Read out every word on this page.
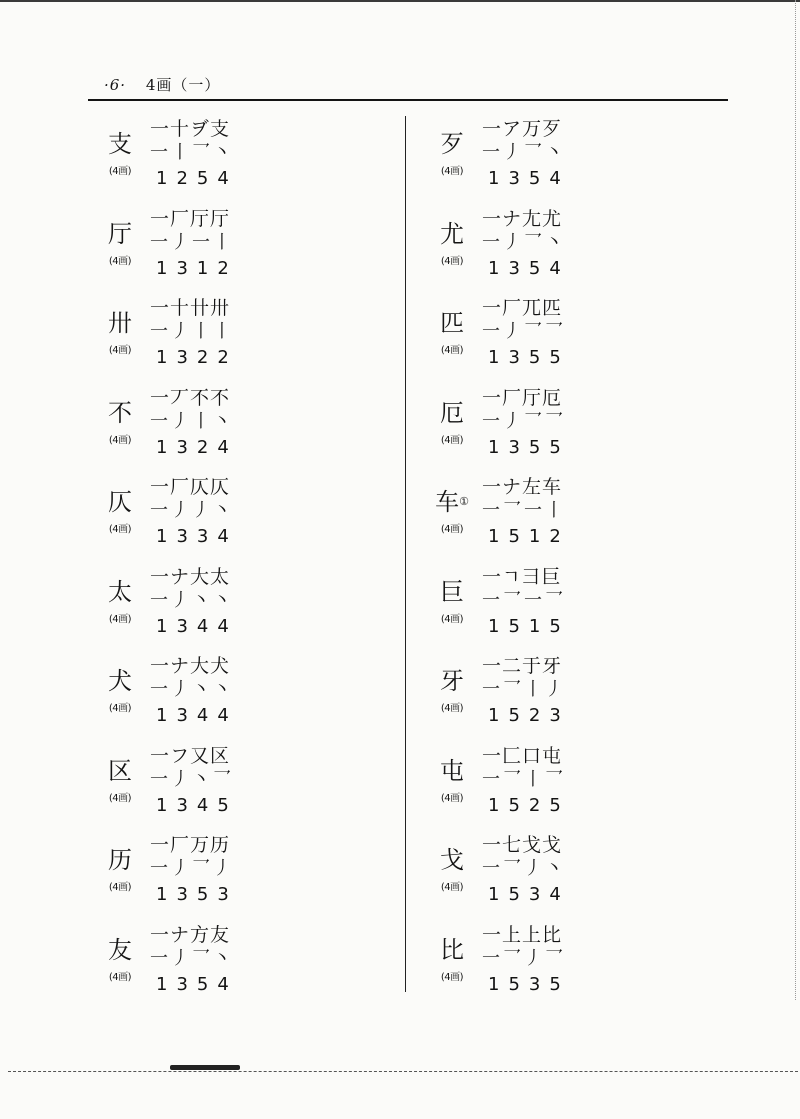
·6· 4画（一）
支
(4画)
一十ヺ支
一丨乛丶
1254
厅
(4画)
一厂厅厅
一丿一丨
1312
卅
(4画)
一十卄卅
一丿丨丨
1322
不
(4画)
一丆不不
一丿丨丶
1324
仄
(4画)
一厂仄仄
一丿丿丶
1334
太
(4画)
一ナ大太
一丿丶丶
1344
犬
(4画)
一ナ大犬
一丿丶丶
1344
区
(4画)
一フ又区
一丿丶乛
1345
历
(4画)
一厂万历
一丿乛丿
1353
友
(4画)
一ナ方友
一丿乛丶
1354
歹
(4画)
一ア万歹
一丿乛丶
1354
尤
(4画)
一ナ尢尤
一丿乛丶
1354
匹
(4画)
一厂兀匹
一丿乛乛
1355
厄
(4画)
一厂厅厄
一丿乛乛
1355
车①
(4画)
一ナ左车
一乛一丨
1512
巨
(4画)
一ㄱ彐巨
一乛一乛
1515
牙
(4画)
一二于牙
一乛丨丿
1523
屯
(4画)
一匚口屯
一乛丨乛
1525
戈
(4画)
一七戈戈
一乛丿丶
1534
比
(4画)
一上上比
一乛丿乛
1535
